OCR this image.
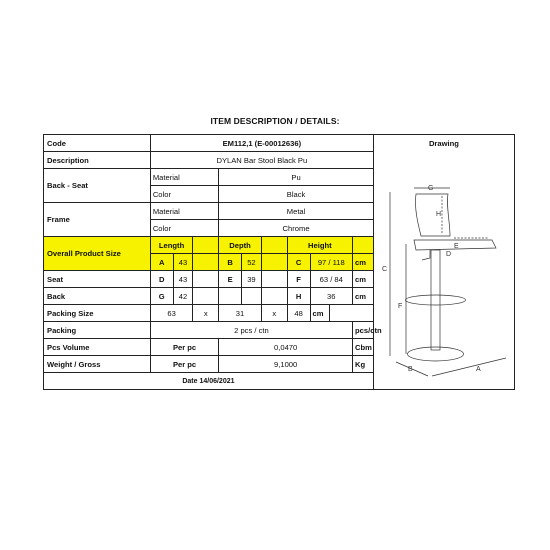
ITEM DESCRIPTION / DETAILS:
Code	EM112,1 (E-00012636)										Drawing

Description	DYLAN Bar Stool Black Pu										
Back - Seat	Material			Pu							
	Color			Black							
Frame	Material			Metal							
	Color			Chrome							
Overall Product Size	Length			Depth			Height				
	A	43		B	52		C	97 / 118		cm	
Seat	D	43		E	39		F	63 / 84		cm	
Back	G	42					H	36		cm	
Packing Size	63		x	31		x	48	cm			
Packing	2 pcs / ctn									pcs/ctn	
Pcs Volume	Per pc			0,0470						Cbm	
Weight / Gross	Per pc			9,1000						Kg	
Date 14/06/2021											
G
H
E
D
C
F
B	A
